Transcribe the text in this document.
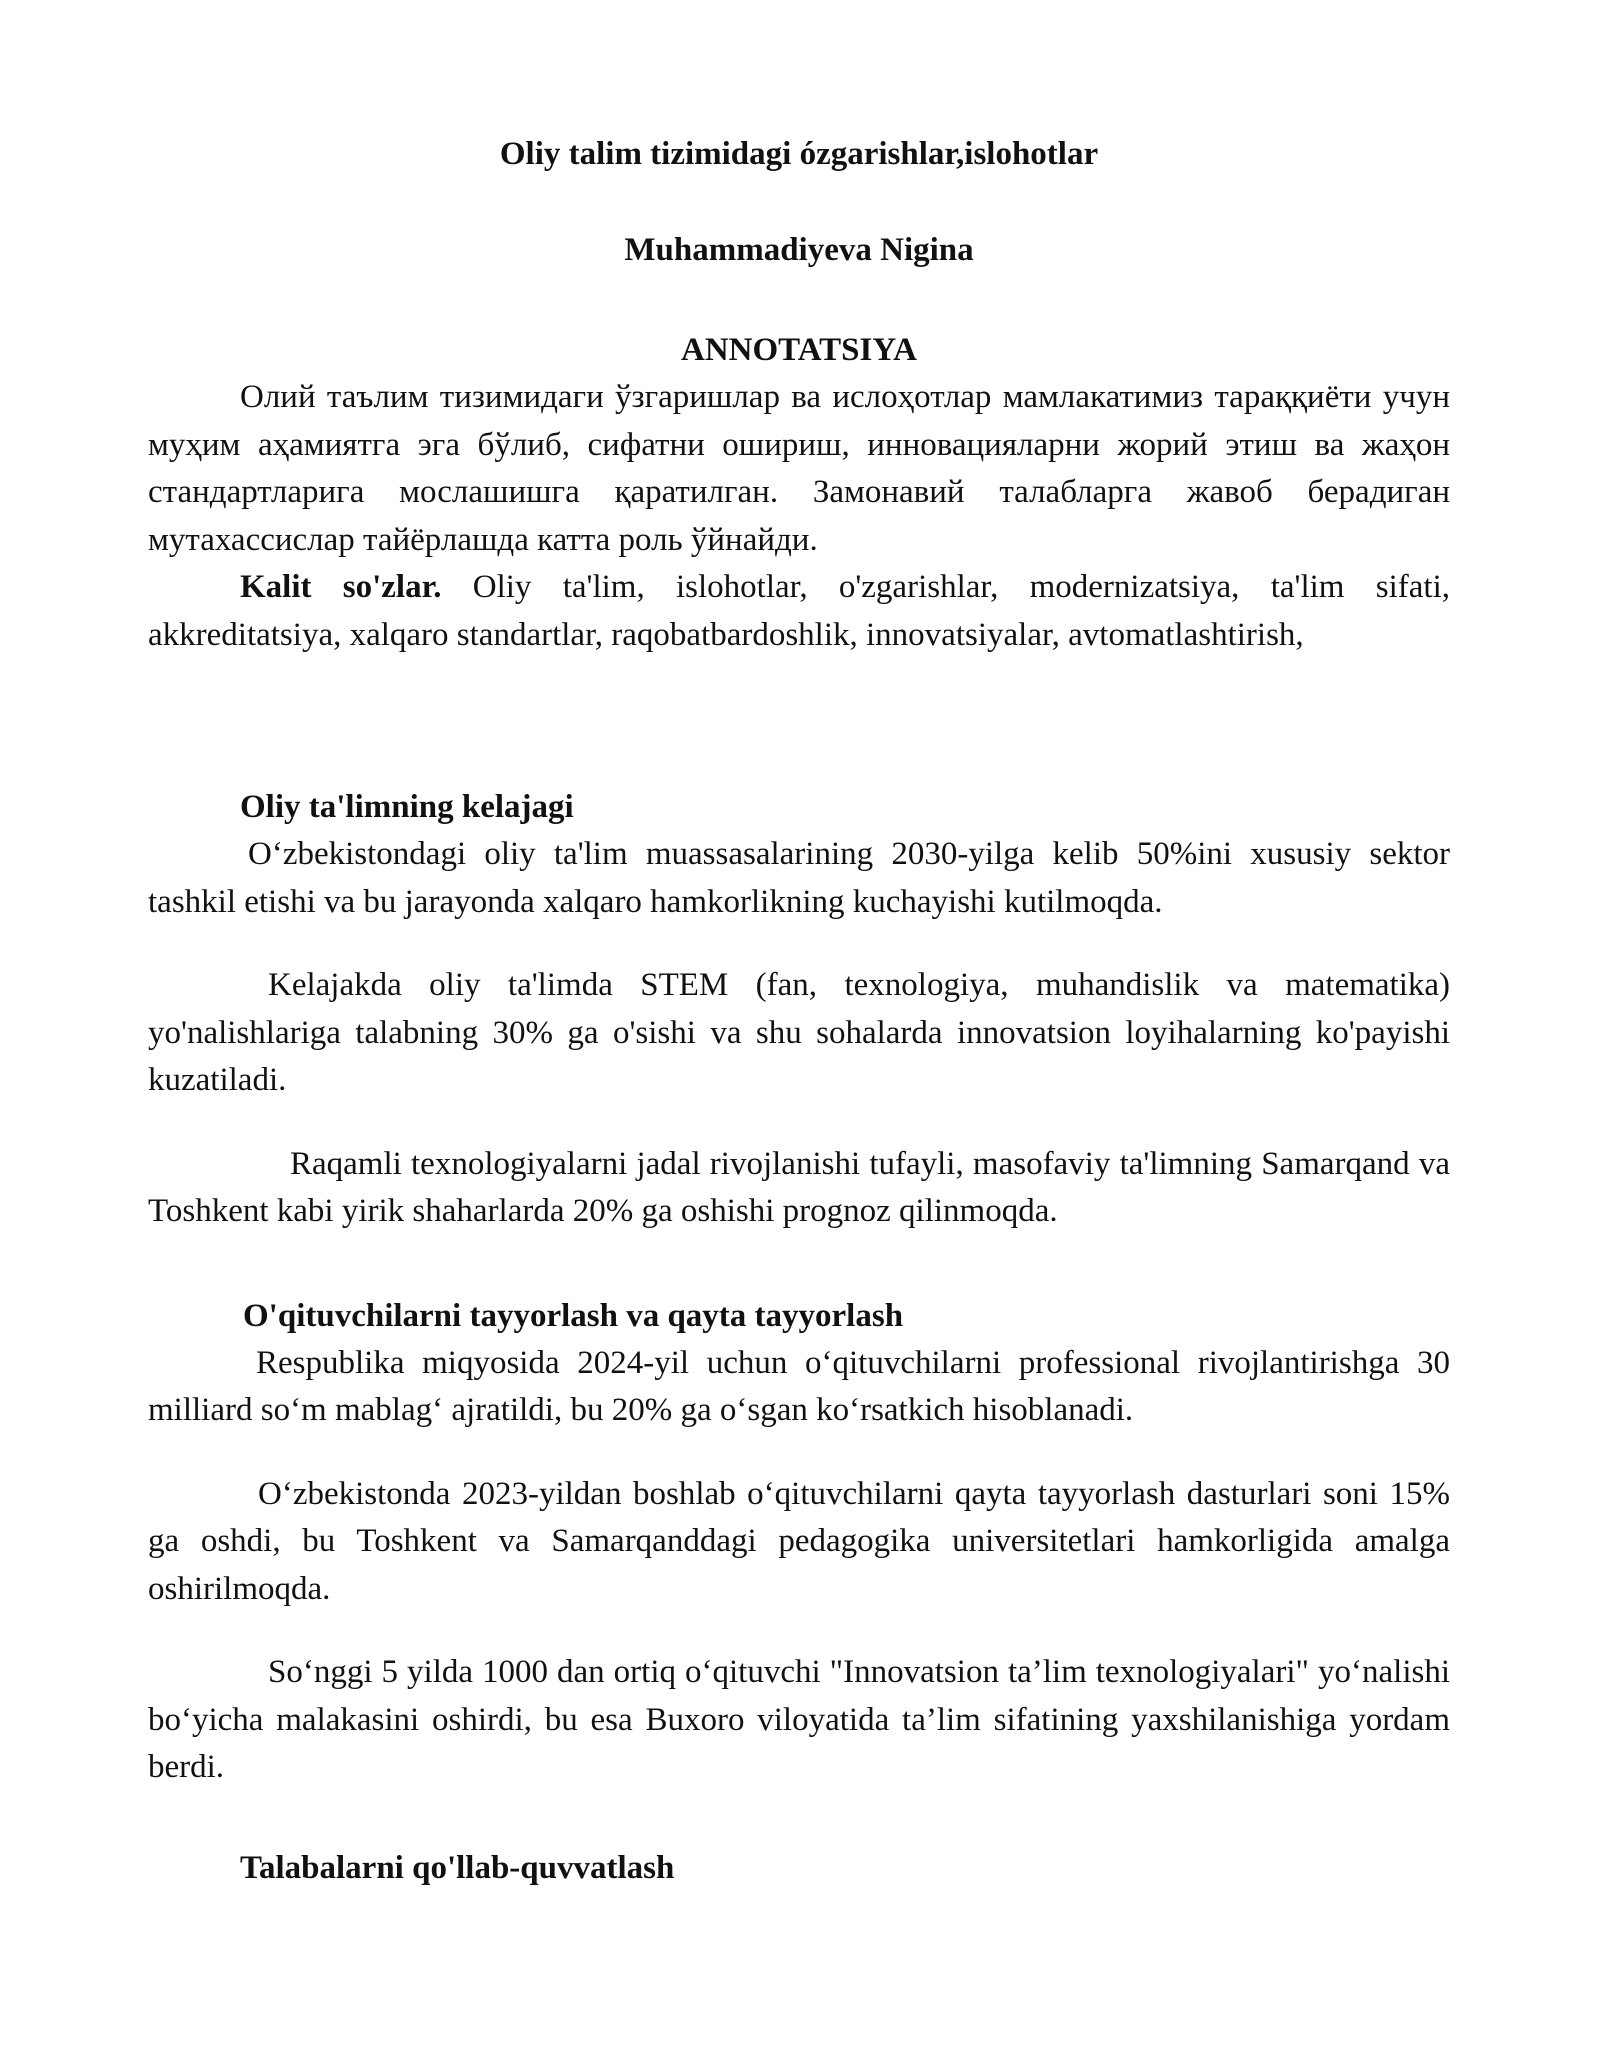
Oliy talim tizimidagi ózgarishlar,islohotlar
Muhammadiyeva Nigina
ANNOTATSIYA

Олий таълим тизимидаги ўзгаришлар ва ислоҳотлар мамлакатимиз тараққиёти учун муҳим аҳамиятга эга бўлиб, сифатни ошириш, инновацияларни жорий этиш ва жаҳон стандартларига мослашишга қаратилган. Замонавий талабларга жавоб берадиган мутахассислар тайёрлашда катта роль ўйнайди.

Kalit so'zlar. Oliy ta'lim, islohotlar, o'zgarishlar, modernizatsiya, ta'lim sifati, akkreditatsiya, xalqaro standartlar, raqobatbardoshlik, innovatsiyalar, avtomatlashtirish,

Oliy ta'limning kelajagi

Oʻzbekistondagi oliy ta'lim muassasalarining 2030-yilga kelib 50%ini xususiy sektor tashkil etishi va bu jarayonda xalqaro hamkorlikning kuchayishi kutilmoqda.

Kelajakda oliy ta'limda STEM (fan, texnologiya, muhandislik va matematika) yo'nalishlariga talabning 30% ga o'sishi va shu sohalarda innovatsion loyihalarning ko'payishi kuzatiladi.

Raqamli texnologiyalarni jadal rivojlanishi tufayli, masofaviy ta'limning Samarqand va Toshkent kabi yirik shaharlarda 20% ga oshishi prognoz qilinmoqda.

O'qituvchilarni tayyorlash va qayta tayyorlash

Respublika miqyosida 2024-yil uchun oʻqituvchilarni professional rivojlantirishga 30 milliard soʻm mablagʻ ajratildi, bu 20% ga oʻsgan koʻrsatkich hisoblanadi.

Oʻzbekistonda 2023-yildan boshlab oʻqituvchilarni qayta tayyorlash dasturlari soni 15% ga oshdi, bu Toshkent va Samarqanddagi pedagogika universitetlari hamkorligida amalga oshirilmoqda.

Soʻnggi 5 yilda 1000 dan ortiq oʻqituvchi "Innovatsion ta’lim texnologiyalari" yoʻnalishi boʻyicha malakasini oshirdi, bu esa Buxoro viloyatida ta’lim sifatining yaxshilanishiga yordam berdi.

Talabalarni qo'llab-quvvatlash
